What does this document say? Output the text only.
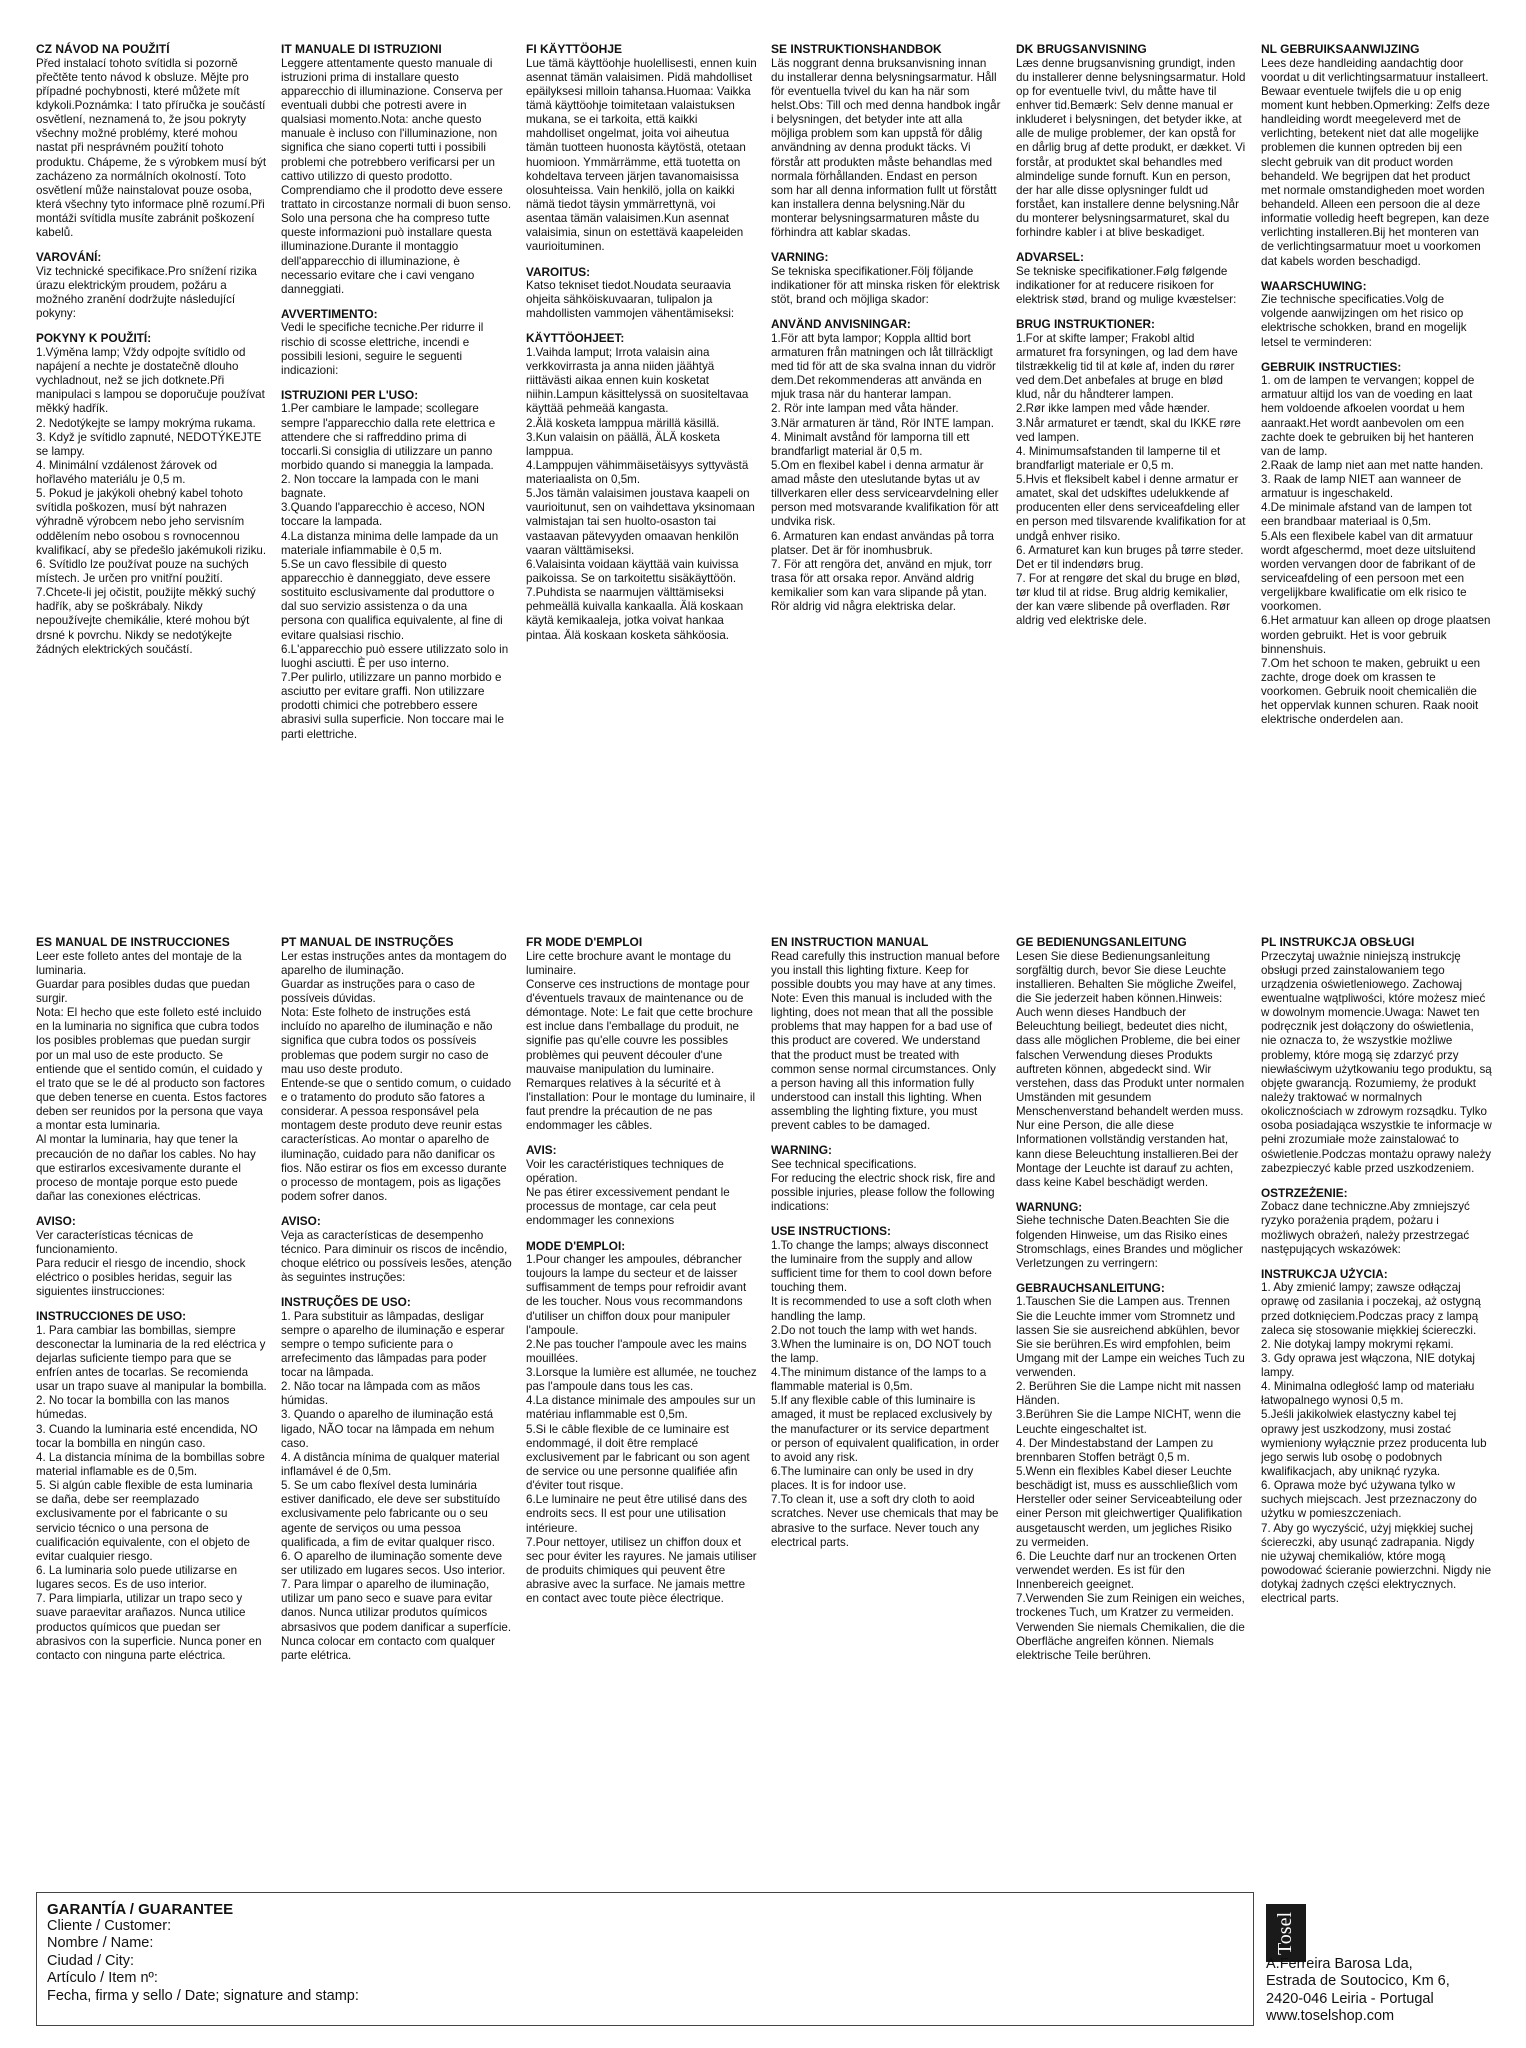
CZ NÁVOD NA POUŽITÍ

Před instalací tohoto svítidla si pozorně přečtěte tento návod k obsluze. Mějte pro případné pochybnosti, které můžete mít kdykoli.Poznámka: I tato příručka je součástí osvětlení, neznamená to, že jsou pokryty všechny možné problémy, které mohou nastat při nesprávném použití tohoto produktu. Chápeme, že s výrobkem musí být zacházeno za normálních okolností. Toto osvětlení může nainstalovat pouze osoba, která všechny tyto informace plně rozumí.Při montáži svítidla musíte zabránit poškození kabelů.

VAROVÁNÍ:

Viz technické specifikace.Pro snížení rizika úrazu elektrickým proudem, požáru a možného zranění dodržujte následující pokyny:

POKYNY K POUŽITÍ:

1.Výměna lamp; Vždy odpojte svítidlo od napájení a nechte je dostatečně dlouho vychladnout, než se jich dotknete.Při manipulaci s lampou se doporučuje používat měkký hadřík.
2. Nedotýkejte se lampy mokrýma rukama.
3. Když je svítidlo zapnuté, NEDOTÝKEJTE se lampy.
4. Minimální vzdálenost žárovek od hořlavého materiálu je 0,5 m.
5. Pokud je jakýkoli ohebný kabel tohoto svítidla poškozen, musí být nahrazen výhradně výrobcem nebo jeho servisním oddělením nebo osobou s rovnocennou kvalifikací, aby se předešlo jakémukoli riziku.
6. Svítidlo lze používat pouze na suchých místech. Je určen pro vnitřní použití.
7.Chcete-li jej očistit, použijte měkký suchý hadřík, aby se poškrábaly. Nikdy nepoužívejte chemikálie, které mohou být drsné k povrchu. Nikdy se nedotýkejte žádných elektrických součástí.

IT MANUALE DI ISTRUZIONI

Leggere attentamente questo manuale di istruzioni prima di installare questo apparecchio di illuminazione. Conserva per eventuali dubbi che potresti avere in qualsiasi momento.Nota: anche questo manuale è incluso con l'illuminazione, non significa che siano coperti tutti i possibili problemi che potrebbero verificarsi per un cattivo utilizzo di questo prodotto. Comprendiamo che il prodotto deve essere trattato in circostanze normali di buon senso. Solo una persona che ha compreso tutte queste informazioni può installare questa illuminazione.Durante il montaggio dell'apparecchio di illuminazione, è necessario evitare che i cavi vengano danneggiati.

AVVERTIMENTO:

Vedi le specifiche tecniche.Per ridurre il rischio di scosse elettriche, incendi e possibili lesioni, seguire le seguenti indicazioni:

ISTRUZIONI PER L'USO:

1.Per cambiare le lampade; scollegare sempre l'apparecchio dalla rete elettrica e attendere che si raffreddino prima di toccarli.Si consiglia di utilizzare un panno morbido quando si maneggia la lampada.
2. Non toccare la lampada con le mani bagnate.
3.Quando l'apparecchio è acceso, NON toccare la lampada.
4.La distanza minima delle lampade da un materiale infiammabile è 0,5 m.
5.Se un cavo flessibile di questo apparecchio è danneggiato, deve essere sostituito esclusivamente dal produttore o dal suo servizio assistenza o da una persona con qualifica equivalente, al fine di evitare qualsiasi rischio.
6.L'apparecchio può essere utilizzato solo in luoghi asciutti. È per uso interno.
7.Per pulirlo, utilizzare un panno morbido e asciutto per evitare graffi. Non utilizzare prodotti chimici che potrebbero essere abrasivi sulla superficie. Non toccare mai le parti elettriche.

FI KÄYTTÖOHJE

Lue tämä käyttöohje huolellisesti, ennen kuin asennat tämän valaisimen. Pidä mahdolliset epäilyksesi milloin tahansa.Huomaa: Vaikka tämä käyttöohje toimitetaan valaistuksen mukana, se ei tarkoita, että kaikki mahdolliset ongelmat, joita voi aiheutua tämän tuotteen huonosta käytöstä, otetaan huomioon. Ymmärrämme, että tuotetta on kohdeltava terveen järjen tavanomaisissa olosuhteissa. Vain henkilö, jolla on kaikki nämä tiedot täysin ymmärrettynä, voi asentaa tämän valaisimen.Kun asennat valaisimia, sinun on estettävä kaapeleiden vaurioituminen.

VAROITUS:

Katso tekniset tiedot.Noudata seuraavia ohjeita sähköiskuvaaran, tulipalon ja mahdollisten vammojen vähentämiseksi:

KÄYTTÖOHJEET:

1.Vaihda lamput; Irrota valaisin aina verkkovirrasta ja anna niiden jäähtyä riittävästi aikaa ennen kuin kosketat niihin.Lampun käsittelyssä on suositeltavaa käyttää pehmeää kangasta.
2.Älä kosketa lamppua märillä käsillä.
3.Kun valaisin on päällä, ÄLÄ kosketa lamppua.
4.Lamppujen vähimmäisetäisyys syttyvästä materiaalista on 0,5m.
5.Jos tämän valaisimen joustava kaapeli on vaurioitunut, sen on vaihdettava yksinomaan valmistajan tai sen huolto-osaston tai vastaavan pätevyyden omaavan henkilön vaaran välttämiseksi.
6.Valaisinta voidaan käyttää vain kuivissa paikoissa. Se on tarkoitettu sisäkäyttöön.
7.Puhdista se naarmujen välttämiseksi pehmeällä kuivalla kankaalla. Älä koskaan käytä kemikaaleja, jotka voivat hankaa pintaa. Älä koskaan kosketa sähköosia.

SE INSTRUKTIONSHANDBOK

Läs noggrant denna bruksanvisning innan du installerar denna belysningsarmatur. Håll för eventuella tvivel du kan ha när som helst.Obs: Till och med denna handbok ingår i belysningen, det betyder inte att alla möjliga problem som kan uppstå för dålig användning av denna produkt täcks. Vi förstår att produkten måste behandlas med normala förhållanden. Endast en person som har all denna information fullt ut förstått kan installera denna belysning.När du monterar belysningsarmaturen måste du förhindra att kablar skadas.

VARNING:

Se tekniska specifikationer.Följ följande indikationer för att minska risken för elektrisk stöt, brand och möjliga skador:

ANVÄND ANVISNINGAR:

1.För att byta lampor; Koppla alltid bort armaturen från matningen och låt tillräckligt med tid för att de ska svalna innan du vidrör dem.Det rekommenderas att använda en mjuk trasa när du hanterar lampan.
2. Rör inte lampan med våta händer.
3.När armaturen är tänd, Rör INTE lampan.
4. Minimalt avstånd för lamporna till ett brandfarligt material är 0,5 m.
5.Om en flexibel kabel i denna armatur är amad måste den uteslutande bytas ut av tillverkaren eller dess servicearvdelning eller person med motsvarande kvalifikation för att undvika risk.
6. Armaturen kan endast användas på torra platser. Det är för inomhusbruk.
7. För att rengöra det, använd en mjuk, torr trasa för att orsaka repor. Använd aldrig kemikalier som kan vara slipande på ytan. Rör aldrig vid några elektriska delar.

DK BRUGSANVISNING

Læs denne brugsanvisning grundigt, inden du installerer denne belysningsarmatur. Hold op for eventuelle tvivl, du måtte have til enhver tid.Bemærk: Selv denne manual er inkluderet i belysningen, det betyder ikke, at alle de mulige problemer, der kan opstå for en dårlig brug af dette produkt, er dækket. Vi forstår, at produktet skal behandles med almindelige sunde fornuft. Kun en person, der har alle disse oplysninger fuldt ud forstået, kan installere denne belysning.Når du monterer belysningsarmaturet, skal du forhindre kabler i at blive beskadiget.

ADVARSEL:

Se tekniske specifikationer.Følg følgende indikationer for at reducere risikoen for elektrisk stød, brand og mulige kvæstelser:

BRUG INSTRUKTIONER:

1.For at skifte lamper; Frakobl altid armaturet fra forsyningen, og lad dem have tilstrækkelig tid til at køle af, inden du rører ved dem.Det anbefales at bruge en blød klud, når du håndterer lampen.
2.Rør ikke lampen med våde hænder.
3.Når armaturet er tændt, skal du IKKE røre ved lampen.
4. Minimumsafstanden til lamperne til et brandfarligt materiale er 0,5 m.
5.Hvis et fleksibelt kabel i denne armatur er amatet, skal det udskiftes udelukkende af producenten eller dens serviceafdeling eller en person med tilsvarende kvalifikation for at undgå enhver risiko.
6. Armaturet kan kun bruges på tørre steder. Det er til indendørs brug.
7. For at rengøre det skal du bruge en blød, tør klud til at ridse. Brug aldrig kemikalier, der kan være slibende på overfladen. Rør aldrig ved elektriske dele.

NL GEBRUIKSAANWIJZING

Lees deze handleiding aandachtig door voordat u dit verlichtingsarmatuur installeert. Bewaar eventuele twijfels die u op enig moment kunt hebben.Opmerking: Zelfs deze handleiding wordt meegeleverd met de verlichting, betekent niet dat alle mogelijke problemen die kunnen optreden bij een slecht gebruik van dit product worden behandeld. We begrijpen dat het product met normale omstandigheden moet worden behandeld. Alleen een persoon die al deze informatie volledig heeft begrepen, kan deze verlichting installeren.Bij het monteren van de verlichtingsarmatuur moet u voorkomen dat kabels worden beschadigd.

WAARSCHUWING:

Zie technische specificaties.Volg de volgende aanwijzingen om het risico op elektrische schokken, brand en mogelijk letsel te verminderen:

GEBRUIK INSTRUCTIES:

1. om de lampen te vervangen; koppel de armatuur altijd los van de voeding en laat hem voldoende afkoelen voordat u hem aanraakt.Het wordt aanbevolen om een zachte doek te gebruiken bij het hanteren van de lamp.
2.Raak de lamp niet aan met natte handen.
3. Raak de lamp NIET aan wanneer de armatuur is ingeschakeld.
4.De minimale afstand van de lampen tot een brandbaar materiaal is 0,5m.
5.Als een flexibele kabel van dit armatuur wordt afgeschermd, moet deze uitsluitend worden vervangen door de fabrikant of de serviceafdeling of een persoon met een vergelijkbare kwalificatie om elk risico te voorkomen.
6.Het armatuur kan alleen op droge plaatsen worden gebruikt. Het is voor gebruik binnenshuis.
7.Om het schoon te maken, gebruikt u een zachte, droge doek om krassen te voorkomen. Gebruik nooit chemicaliën die het oppervlak kunnen schuren. Raak nooit elektrische onderdelen aan.

ES MANUAL DE INSTRUCCIONES

Leer este folleto antes del montaje de la luminaria.
Guardar para posibles dudas que puedan surgir.
Nota: El hecho que este folleto esté incluido en la luminaria no significa que cubra todos los posibles problemas que puedan surgir por un mal uso de este producto. Se entiende que el sentido común, el cuidado y el trato que se le dé al producto son factores que deben tenerse en cuenta. Estos factores deben ser reunidos por la persona que vaya a montar esta luminaria.
Al montar la luminaria, hay que tener la precaución de no dañar los cables. No hay que estirarlos excesivamente durante el proceso de montaje porque esto puede dañar las conexiones eléctricas.

AVISO:

Ver características técnicas de funcionamiento.
Para reducir el riesgo de incendio, shock eléctrico o posibles heridas, seguir las siguientes iinstrucciones:

INSTRUCCIONES DE USO:

1. Para cambiar las bombillas, siempre desconectar la luminaria de la red eléctrica y dejarlas suficiente tiempo para que se enfríen antes de tocarlas. Se recomienda usar un trapo suave al manipular la bombilla.
2. No tocar la bombilla con las manos húmedas.
3. Cuando la luminaria esté encendida, NO tocar la bombilla en ningún caso.
4. La distancia mínima de la bombillas sobre material inflamable es de 0,5m.
5. Si algún cable flexible de esta luminaria se daña, debe ser reemplazado exclusivamente por el fabricante o su servicio técnico o una persona de cualificación equivalente, con el objeto de evitar cualquier riesgo.
6. La luminaria solo puede utilizarse en lugares secos. Es de uso interior.
7. Para limpiarla, utilizar un trapo seco y suave paraevitar arañazos. Nunca utilice productos químicos que puedan ser abrasivos con la superficie. Nunca poner en contacto con ninguna parte eléctrica.

PT MANUAL DE INSTRUÇÕES

Ler estas instruções antes da montagem do aparelho de iluminação.
Guardar as instruções para o caso de possíveis dúvidas.
Nota: Este folheto de instruções está incluído no aparelho de iluminação e não significa que cubra todos os possíveis problemas que podem surgir no caso de mau uso deste produto.
Entende-se que o sentido comum, o cuidado e o tratamento do produto são fatores a considerar. A pessoa responsável pela montagem deste produto deve reunir estas características. Ao montar o aparelho de iluminação, cuidado para não danificar os fios. Não estirar os fios em excesso durante o processo de montagem, pois as ligações podem sofrer danos.

AVISO:

Veja as características de desempenho técnico. Para diminuir os riscos de incêndio, choque elétrico ou possíveis lesões, atenção às seguintes instruções:

INSTRUÇÕES DE USO:

1. Para substituir as lâmpadas, desligar sempre o aparelho de iluminação e esperar sempre o tempo suficiente para o arrefecimento das lâmpadas para poder tocar na lâmpada.
2. Não tocar na lâmpada com as mãos húmidas.
3. Quando o aparelho de iluminação está ligado, NÃO tocar na lâmpada em nehum caso.
4. A distância mínima de qualquer material inflamável é de 0,5m.
5. Se um cabo flexível desta luminária estiver danificado, ele deve ser substituído exclusivamente pelo fabricante ou o seu agente de serviços ou uma pessoa qualificada, a fim de evitar qualquer risco.
6. O aparelho de iluminação somente deve ser utilizado em lugares secos. Uso interior.
7. Para limpar o aparelho de iluminação, utilizar um pano seco e suave para evitar danos. Nunca utilizar produtos químicos abrsasivos que podem danificar a superfície. Nunca colocar em contacto com qualquer parte elétrica.

FR MODE D'EMPLOI

Lire cette brochure avant le montage du luminaire.
Conserve ces instructions de montage pour d'éventuels travaux de maintenance ou de démontage. Note: Le fait que cette brochure est inclue dans l'emballage du produit, ne signifie pas qu'elle couvre les possibles problèmes qui peuvent découler d'une mauvaise manipulation du luminaire.
Remarques relatives à la sécurité et à l'installation: Pour le montage du luminaire, il faut prendre la précaution de ne pas endommager les câbles.

AVIS:

Voir les caractéristiques techniques de opération.
Ne pas étirer excessivement pendant le processus de montage, car cela peut endommager les connexions

MODE D'EMPLOI:

1.Pour changer les ampoules, débrancher toujours la lampe du secteur et de laisser suffisamment de temps pour refroidir avant de les toucher. Nous vous recommandons d'utiliser un chiffon doux pour manipuler l'ampoule.
2.Ne pas toucher l'ampoule avec les mains mouillées.
3.Lorsque la lumière est allumée, ne touchez pas l'ampoule dans tous les cas.
4.La distance minimale des ampoules sur un matériau inflammable est 0,5m.
5.Si le câble flexible de ce luminaire est endommagé, il doit être remplacé exclusivement par le fabricant ou son agent de service ou une personne qualifiée afin d'éviter tout risque.
6.Le luminaire ne peut être utilisé dans des endroits secs. Il est pour une utilisation intérieure.
7.Pour nettoyer, utilisez un chiffon doux et sec pour éviter les rayures. Ne jamais utiliser de produits chimiques qui peuvent être abrasive avec la surface. Ne jamais mettre en contact avec toute pièce électrique.

EN INSTRUCTION MANUAL

Read carefully this instruction manual before you install this lighting fixture. Keep for possible doubts you may have at any times.
Note: Even this manual is included with the lighting, does not mean that all the possible problems that may happen for a bad use of this product are covered. We understand that the product must be treated with common sense normal circumstances. Only a person having all this information fully understood can install this lighting. When assembling the lighting fixture, you must prevent cables to be damaged.

WARNING:

See technical specifications.
For reducing the electric shock risk, fire and possible injuries, please follow the following indications:

USE INSTRUCTIONS:

1.To change the lamps; always disconnect the luminaire from the supply and allow sufficient time for them to cool down before touching them.
It is recommended to use a soft cloth when handling the lamp.
2.Do not touch the lamp with wet hands.
3.When the luminaire is on, DO NOT touch the lamp.
4.The minimum distance of the lamps to a flammable material is 0,5m.
5.If any flexible cable of this luminaire is amaged, it must be replaced exclusively by the manufacturer or its service department or person of equivalent qualification, in order to avoid any risk.
6.The luminaire can only be used in dry places. It is for indoor use.
7.To clean it, use a soft dry cloth to aoid scratches. Never use chemicals that may be abrasive to the surface. Never touch any electrical parts.

GE BEDIENUNGSANLEITUNG

Lesen Sie diese Bedienungsanleitung sorgfältig durch, bevor Sie diese Leuchte installieren. Behalten Sie mögliche Zweifel, die Sie jederzeit haben können.Hinweis: Auch wenn dieses Handbuch der Beleuchtung beiliegt, bedeutet dies nicht, dass alle möglichen Probleme, die bei einer falschen Verwendung dieses Produkts auftreten können, abgedeckt sind. Wir verstehen, dass das Produkt unter normalen Umständen mit gesundem Menschenverstand behandelt werden muss. Nur eine Person, die alle diese Informationen vollständig verstanden hat, kann diese Beleuchtung installieren.Bei der Montage der Leuchte ist darauf zu achten, dass keine Kabel beschädigt werden.

WARNUNG:

Siehe technische Daten.Beachten Sie die folgenden Hinweise, um das Risiko eines Stromschlags, eines Brandes und möglicher Verletzungen zu verringern:

GEBRAUCHSANLEITUNG:

1.Tauschen Sie die Lampen aus. Trennen Sie die Leuchte immer vom Stromnetz und lassen Sie sie ausreichend abkühlen, bevor Sie sie berühren.Es wird empfohlen, beim Umgang mit der Lampe ein weiches Tuch zu verwenden.
2. Berühren Sie die Lampe nicht mit nassen Händen.
3.Berühren Sie die Lampe NICHT, wenn die Leuchte eingeschaltet ist.
4. Der Mindestabstand der Lampen zu brennbaren Stoffen beträgt 0,5 m.
5.Wenn ein flexibles Kabel dieser Leuchte beschädigt ist, muss es ausschließlich vom Hersteller oder seiner Serviceabteilung oder einer Person mit gleichwertiger Qualifikation ausgetauscht werden, um jegliches Risiko zu vermeiden.
6. Die Leuchte darf nur an trockenen Orten verwendet werden. Es ist für den Innenbereich geeignet.
7.Verwenden Sie zum Reinigen ein weiches, trockenes Tuch, um Kratzer zu vermeiden. Verwenden Sie niemals Chemikalien, die die Oberfläche angreifen können. Niemals elektrische Teile berühren.

PL INSTRUKCJA OBSŁUGI

Przeczytaj uważnie niniejszą instrukcję obsługi przed zainstalowaniem tego urządzenia oświetleniowego. Zachowaj ewentualne wątpliwości, które możesz mieć w dowolnym momencie.Uwaga: Nawet ten podręcznik jest dołączony do oświetlenia, nie oznacza to, że wszystkie możliwe problemy, które mogą się zdarzyć przy niewłaściwym użytkowaniu tego produktu, są objęte gwarancją. Rozumiemy, że produkt należy traktować w normalnych okolicznościach w zdrowym rozsądku. Tylko osoba posiadająca wszystkie te informacje w pełni zrozumiałe może zainstalować to oświetlenie.Podczas montażu oprawy należy zabezpieczyć kable przed uszkodzeniem.

OSTRZEŻENIE:

Zobacz dane techniczne.Aby zmniejszyć ryzyko porażenia prądem, pożaru i możliwych obrażeń, należy przestrzegać następujących wskazówek:

INSTRUKCJA UŻYCIA:

1. Aby zmienić lampy; zawsze odłączaj oprawę od zasilania i poczekaj, aż ostygną przed dotknięciem.Podczas pracy z lampą zaleca się stosowanie miękkiej ściereczki.
2. Nie dotykaj lampy mokrymi rękami.
3. Gdy oprawa jest włączona, NIE dotykaj lampy.
4. Minimalna odległość lamp od materiału łatwopalnego wynosi 0,5 m.
5.Jeśli jakikolwiek elastyczny kabel tej oprawy jest uszkodzony, musi zostać wymieniony wyłącznie przez producenta lub jego serwis lub osobę o podobnych kwalifikacjach, aby uniknąć ryzyka.
6. Oprawa może być używana tylko w suchych miejscach. Jest przeznaczony do użytku w pomieszczeniach.
7. Aby go wyczyścić, użyj miękkiej suchej ściereczki, aby usunąć zadrapania. Nigdy nie używaj chemikaliów, które mogą powodować ścieranie powierzchni. Nigdy nie dotykaj żadnych części elektrycznych. electrical parts.

GARANTÍA / GUARANTEE
Cliente / Customer:
Nombre / Name:
Ciudad / City:
Artículo / Item nº:
Fecha, firma y sello / Date; signature and stamp:
Tosel
A.Ferreira Barosa Lda,
Estrada de Soutocico, Km 6,
2420-046 Leiria - Portugal
www.toselshop.com
